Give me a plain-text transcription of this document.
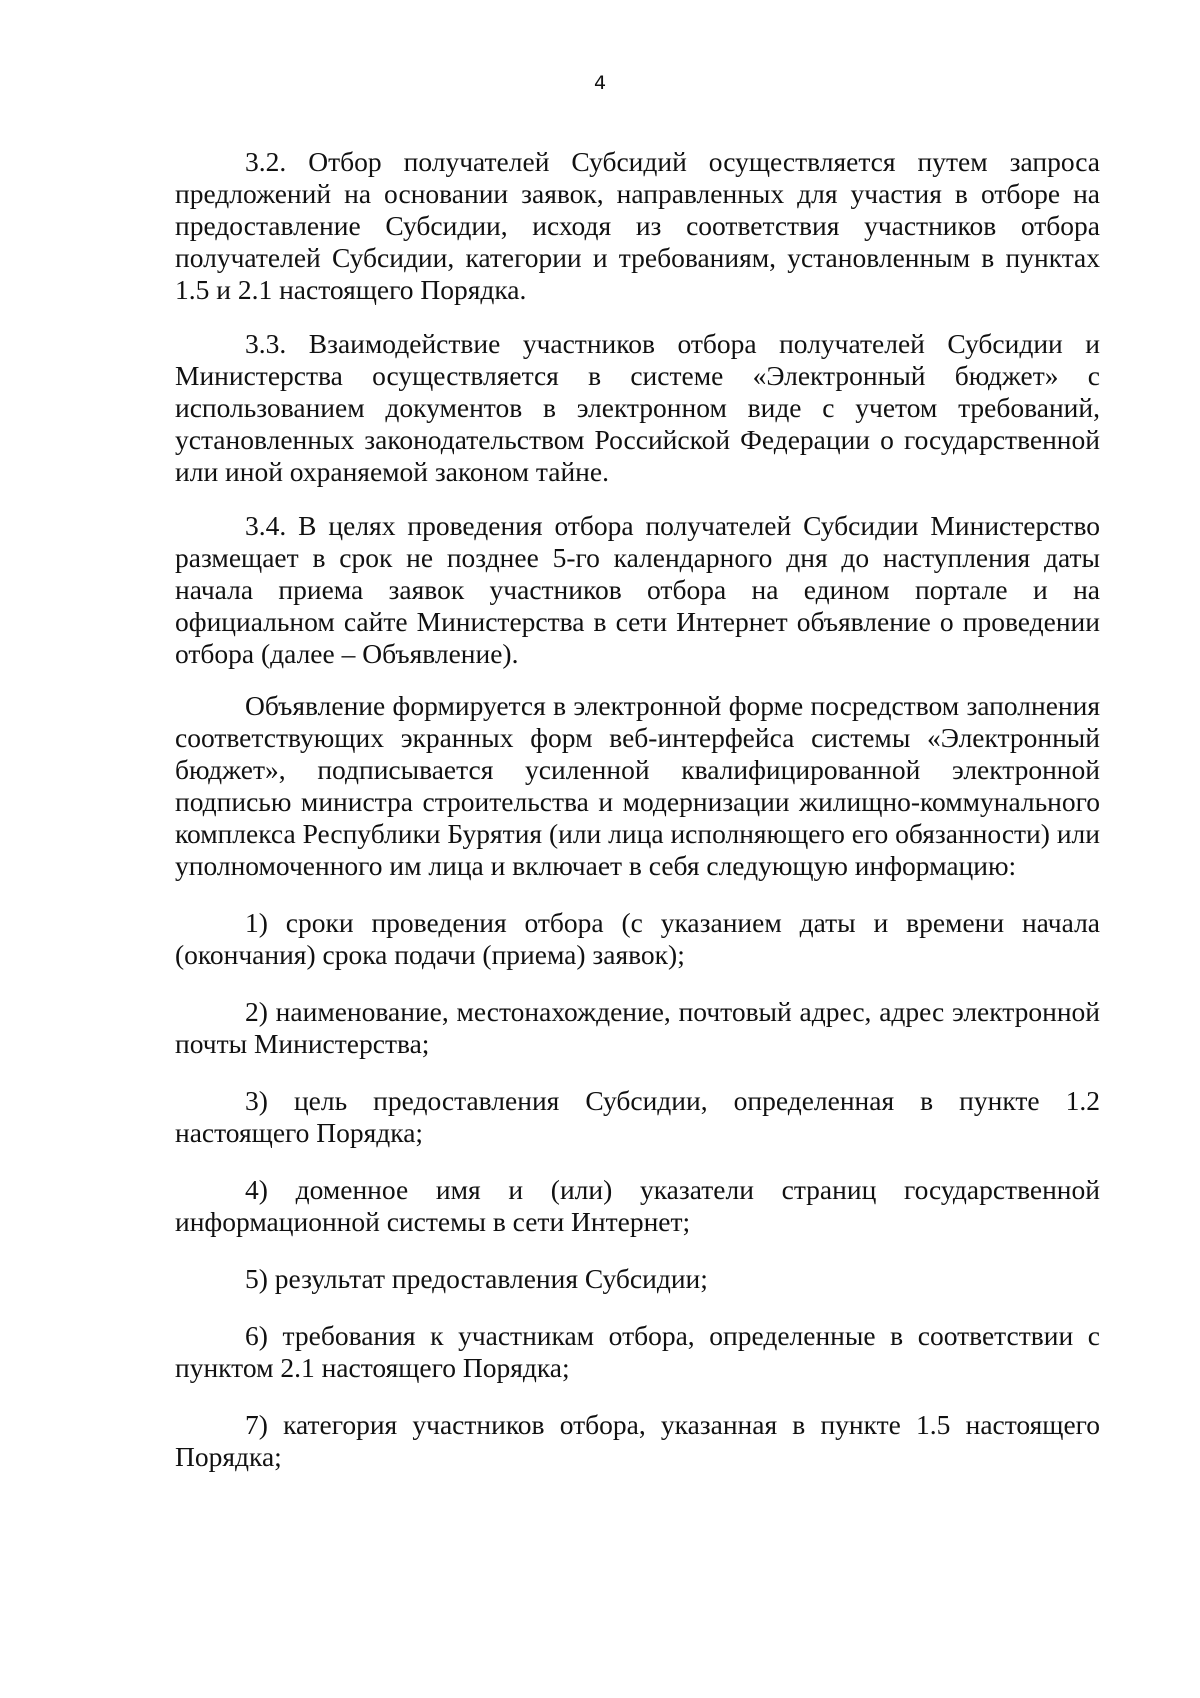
4

3.2. Отбор получателей Субсидий осуществляется путем запроса предложений на основании заявок, направленных для участия в отборе на предоставление Субсидии, исходя из соответствия участников отбора получателей Субсидии, категории и требованиям, установленным в пунктах 1.5 и 2.1 настоящего Порядка.

3.3. Взаимодействие участников отбора получателей Субсидии и Министерства осуществляется в системе «Электронный бюджет» с использованием документов в электронном виде с учетом требований, установленных законодательством Российской Федерации о государственной или иной охраняемой законом тайне.

3.4. В целях проведения отбора получателей Субсидии Министерство размещает в срок не позднее 5-го календарного дня до наступления даты начала приема заявок участников отбора на едином портале и на официальном сайте Министерства в сети Интернет объявление о проведении отбора (далее – Объявление).

Объявление формируется в электронной форме посредством заполнения соответствующих экранных форм веб-интерфейса системы «Электронный бюджет», подписывается усиленной квалифицированной электронной подписью министра строительства и модернизации жилищно-коммунального комплекса Республики Бурятия (или лица исполняющего его обязанности) или уполномоченного им лица и включает в себя следующую информацию:

1) сроки проведения отбора (с указанием даты и времени начала (окончания) срока подачи (приема) заявок);

2) наименование, местонахождение, почтовый адрес, адрес электронной почты Министерства;

3) цель предоставления Субсидии, определенная в пункте 1.2 настоящего Порядка;

4) доменное имя и (или) указатели страниц государственной информационной системы в сети Интернет;

5) результат предоставления Субсидии;

6) требования к участникам отбора, определенные в соответствии с пунктом 2.1 настоящего Порядка;

7) категория участников отбора, указанная в пункте 1.5 настоящего Порядка;
